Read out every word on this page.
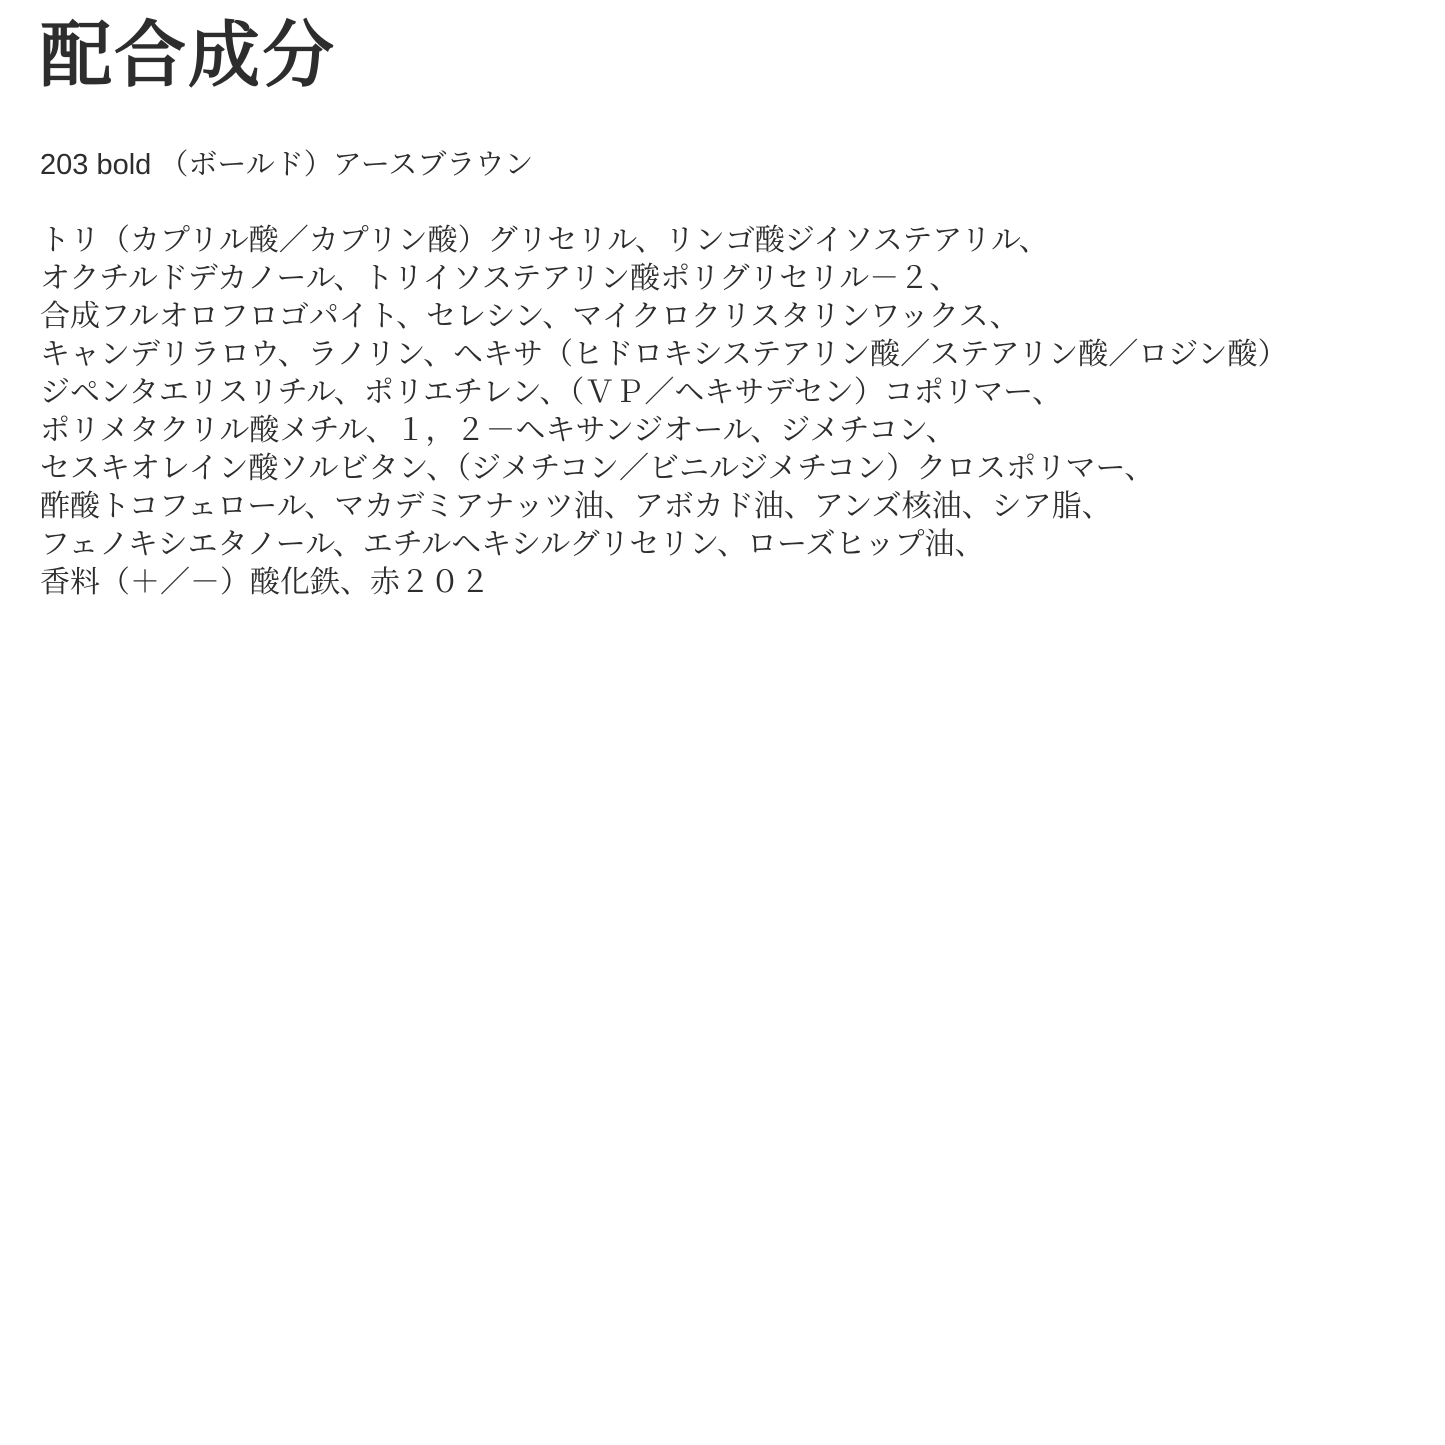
配合成分

203 bold （ボールド）アースブラウン

トリ（カプリル酸／カプリン酸）グリセリル、リンゴ酸ジイソステアリル、
オクチルドデカノール、トリイソステアリン酸ポリグリセリル－２、
合成フルオロフロゴパイト、セレシン、マイクロクリスタリンワックス、
キャンデリラロウ、ラノリン、ヘキサ（ヒドロキシステアリン酸／ステアリン酸／ロジン酸）
ジペンタエリスリチル、ポリエチレン、（ＶＰ／ヘキサデセン）コポリマー、
ポリメタクリル酸メチル、１，２－ヘキサンジオール、ジメチコン、
セスキオレイン酸ソルビタン、（ジメチコン／ビニルジメチコン）クロスポリマー、
酢酸トコフェロール、マカデミアナッツ油、アボカド油、アンズ核油、シア脂、
フェノキシエタノール、エチルヘキシルグリセリン、ローズヒップ油、
香料（＋／－）酸化鉄、赤２０２
